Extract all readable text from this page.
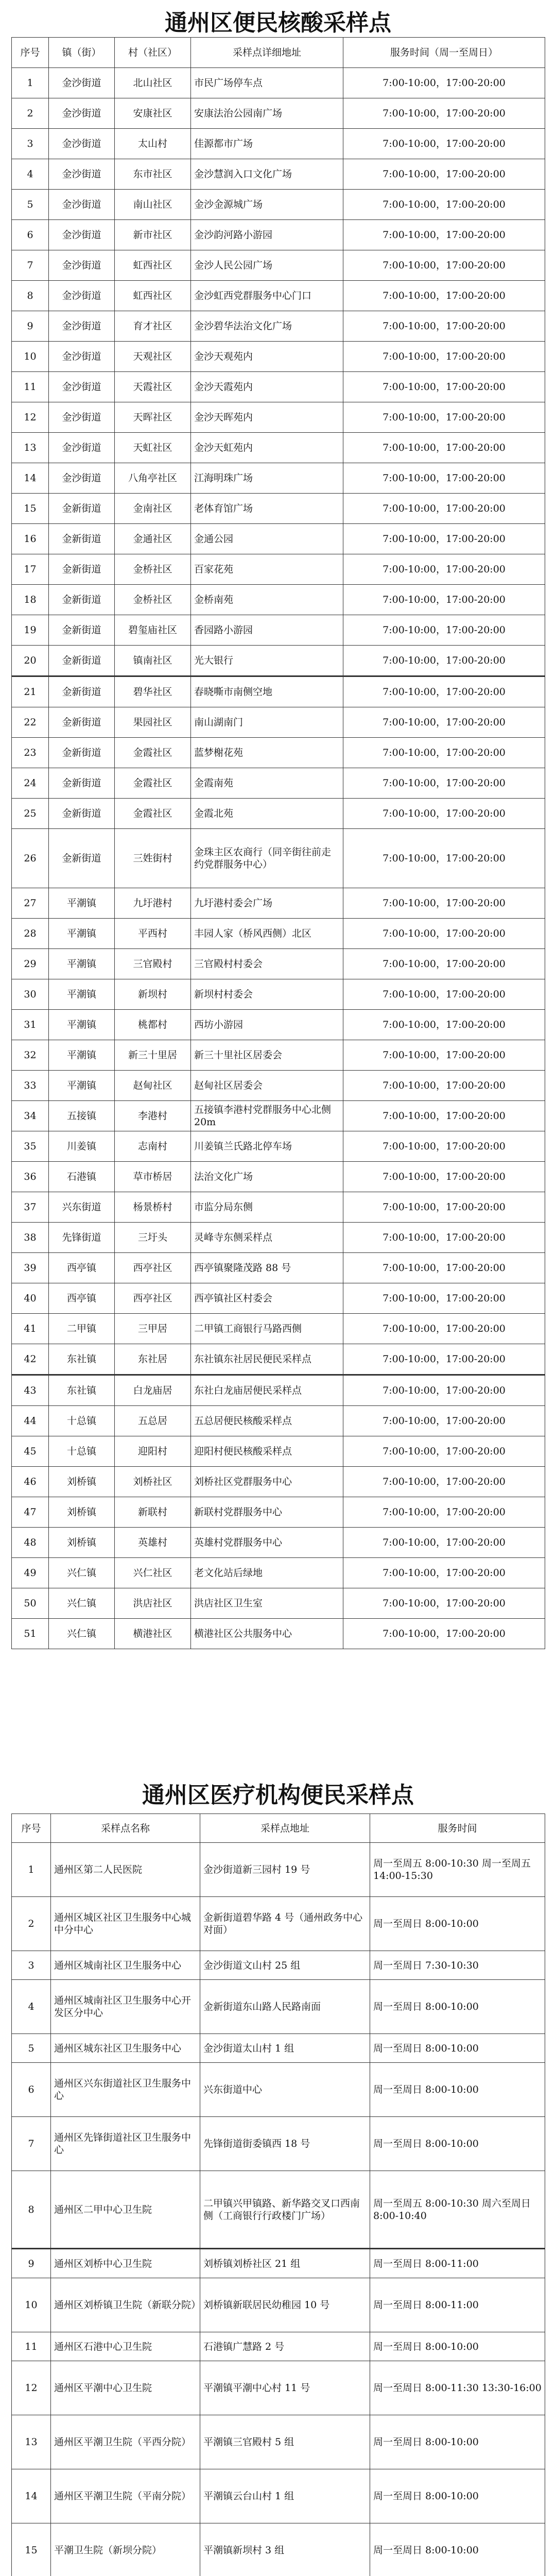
通州区便民核酸采样点
序号	镇（街）	村（社区）	采样点详细地址	服务时间（周一至周日）
1	金沙街道	北山社区	市民广场停车点	7:00-10:00，17:00-20:00
2	金沙街道	安康社区	安康法治公园南广场	7:00-10:00，17:00-20:00
3	金沙街道	太山村	佳源都市广场	7:00-10:00，17:00-20:00
4	金沙街道	东市社区	金沙慧润入口文化广场	7:00-10:00，17:00-20:00
5	金沙街道	南山社区	金沙金源城广场	7:00-10:00，17:00-20:00
6	金沙街道	新市社区	金沙韵河路小游园	7:00-10:00，17:00-20:00
7	金沙街道	虹西社区	金沙人民公园广场	7:00-10:00，17:00-20:00
8	金沙街道	虹西社区	金沙虹西党群服务中心门口	7:00-10:00，17:00-20:00
9	金沙街道	育才社区	金沙碧华法治文化广场	7:00-10:00，17:00-20:00
10	金沙街道	天观社区	金沙天观苑内	7:00-10:00，17:00-20:00
11	金沙街道	天霞社区	金沙天霞苑内	7:00-10:00，17:00-20:00
12	金沙街道	天晖社区	金沙天晖苑内	7:00-10:00，17:00-20:00
13	金沙街道	天虹社区	金沙天虹苑内	7:00-10:00，17:00-20:00
14	金沙街道	八角亭社区	江海明珠广场	7:00-10:00，17:00-20:00
15	金新街道	金南社区	老体育馆广场	7:00-10:00，17:00-20:00
16	金新街道	金通社区	金通公园	7:00-10:00，17:00-20:00
17	金新街道	金桥社区	百家花苑	7:00-10:00，17:00-20:00
18	金新街道	金桥社区	金桥南苑	7:00-10:00，17:00-20:00
19	金新街道	碧玺庙社区	香园路小游园	7:00-10:00，17:00-20:00
20	金新街道	镇南社区	光大银行	7:00-10:00，17:00-20:00
21	金新街道	碧华社区	春晓嘶市南侧空地	7:00-10:00，17:00-20:00
22	金新街道	果园社区	南山湖南门	7:00-10:00，17:00-20:00
23	金新街道	金霞社区	蓝梦榭花苑	7:00-10:00，17:00-20:00
24	金新街道	金霞社区	金霞南苑	7:00-10:00，17:00-20:00
25	金新街道	金霞社区	金霞北苑	7:00-10:00，17:00-20:00
26	金新街道	三姓街村	金珠主区农商行（同辛街往前走约党群服务中心）	7:00-10:00，17:00-20:00
27	平潮镇	九圩港村	九圩港村委会广场	7:00-10:00，17:00-20:00
28	平潮镇	平西村	丰园人家（桥风西侧）北区	7:00-10:00，17:00-20:00
29	平潮镇	三官殿村	三官殿村村委会	7:00-10:00，17:00-20:00
30	平潮镇	新坝村	新坝村村委会	7:00-10:00，17:00-20:00
31	平潮镇	桃都村	西坊小游园	7:00-10:00，17:00-20:00
32	平潮镇	新三十里居	新三十里社区居委会	7:00-10:00，17:00-20:00
33	平潮镇	赵甸社区	赵甸社区居委会	7:00-10:00，17:00-20:00
34	五接镇	李港村	五接镇李港村党群服务中心北侧 20m	7:00-10:00，17:00-20:00
35	川姜镇	志南村	川姜镇兰氏路北停车场	7:00-10:00，17:00-20:00
36	石港镇	草市桥居	法治文化广场	7:00-10:00，17:00-20:00
37	兴东街道	杨景桥村	市监分局东侧	7:00-10:00，17:00-20:00
38	先锋街道	三圩头	灵峰寺东侧采样点	7:00-10:00，17:00-20:00
39	西亭镇	西亭社区	西亭镇聚隆茂路 88 号	7:00-10:00，17:00-20:00
40	西亭镇	西亭社区	西亭镇社区村委会	7:00-10:00，17:00-20:00
41	二甲镇	三甲居	二甲镇工商银行马路西侧	7:00-10:00，17:00-20:00
42	东社镇	东社居	东社镇东社居民便民采样点	7:00-10:00，17:00-20:00
43	东社镇	白龙庙居	东社白龙庙居便民采样点	7:00-10:00，17:00-20:00
44	十总镇	五总居	五总居便民核酸采样点	7:00-10:00，17:00-20:00
45	十总镇	迎阳村	迎阳村便民核酸采样点	7:00-10:00，17:00-20:00
46	刘桥镇	刘桥社区	刘桥社区党群服务中心	7:00-10:00，17:00-20:00
47	刘桥镇	新联村	新联村党群服务中心	7:00-10:00，17:00-20:00
48	刘桥镇	英雄村	英雄村党群服务中心	7:00-10:00，17:00-20:00
49	兴仁镇	兴仁社区	老文化站后绿地	7:00-10:00，17:00-20:00
50	兴仁镇	洪店社区	洪店社区卫生室	7:00-10:00，17:00-20:00
51	兴仁镇	横港社区	横港社区公共服务中心	7:00-10:00，17:00-20:00
通州区医疗机构便民采样点
序号	采样点名称	采样点地址	服务时间
1	通州区第二人民医院	金沙街道新三园村 19 号	周一至周五 8:00-10:30 周一至周五 14:00-15:30
2	通州区城区社区卫生服务中心城中分中心	金新街道碧华路 4 号（通州政务中心对面）	周一至周日 8:00-10:00
3	通州区城南社区卫生服务中心	金沙街道文山村 25 组	周一至周日 7:30-10:30
4	通州区城南社区卫生服务中心开发区分中心	金新街道东山路人民路南面	周一至周日 8:00-10:00
5	通州区城东社区卫生服务中心	金沙街道太山村 1 组	周一至周日 8:00-10:00
6	通州区兴东街道社区卫生服务中心	兴东街道中心	周一至周日 8:00-10:00
7	通州区先锋街道社区卫生服务中心	先锋街道街委镇西 18 号	周一至周日 8:00-10:00
8	通州区二甲中心卫生院	二甲镇兴甲镇路、新华路交叉口西南侧（工商银行行政楼门广场）	周一至周五 8:00-10:30 周六至周日 8:00-10:40
9	通州区刘桥中心卫生院	刘桥镇刘桥社区 21 组	周一至周日 8:00-11:00
10	通州区刘桥镇卫生院（新联分院）	刘桥镇新联居民幼稚园 10 号	周一至周日 8:00-11:00
11	通州区石港中心卫生院	石港镇广慧路 2 号	周一至周日 8:00-10:00
12	通州区平潮中心卫生院	平潮镇平潮中心村 11 号	周一至周日 8:00-11:30 13:30-16:00
13	通州区平潮卫生院（平西分院）	平潮镇三官殿村 5 组	周一至周日 8:00-10:00
14	通州区平潮卫生院（平南分院）	平潮镇云台山村 1 组	周一至周日 8:00-10:00
15	平潮卫生院（新坝分院）	平潮镇新坝村 3 组	周一至周日 8:00-10:00
